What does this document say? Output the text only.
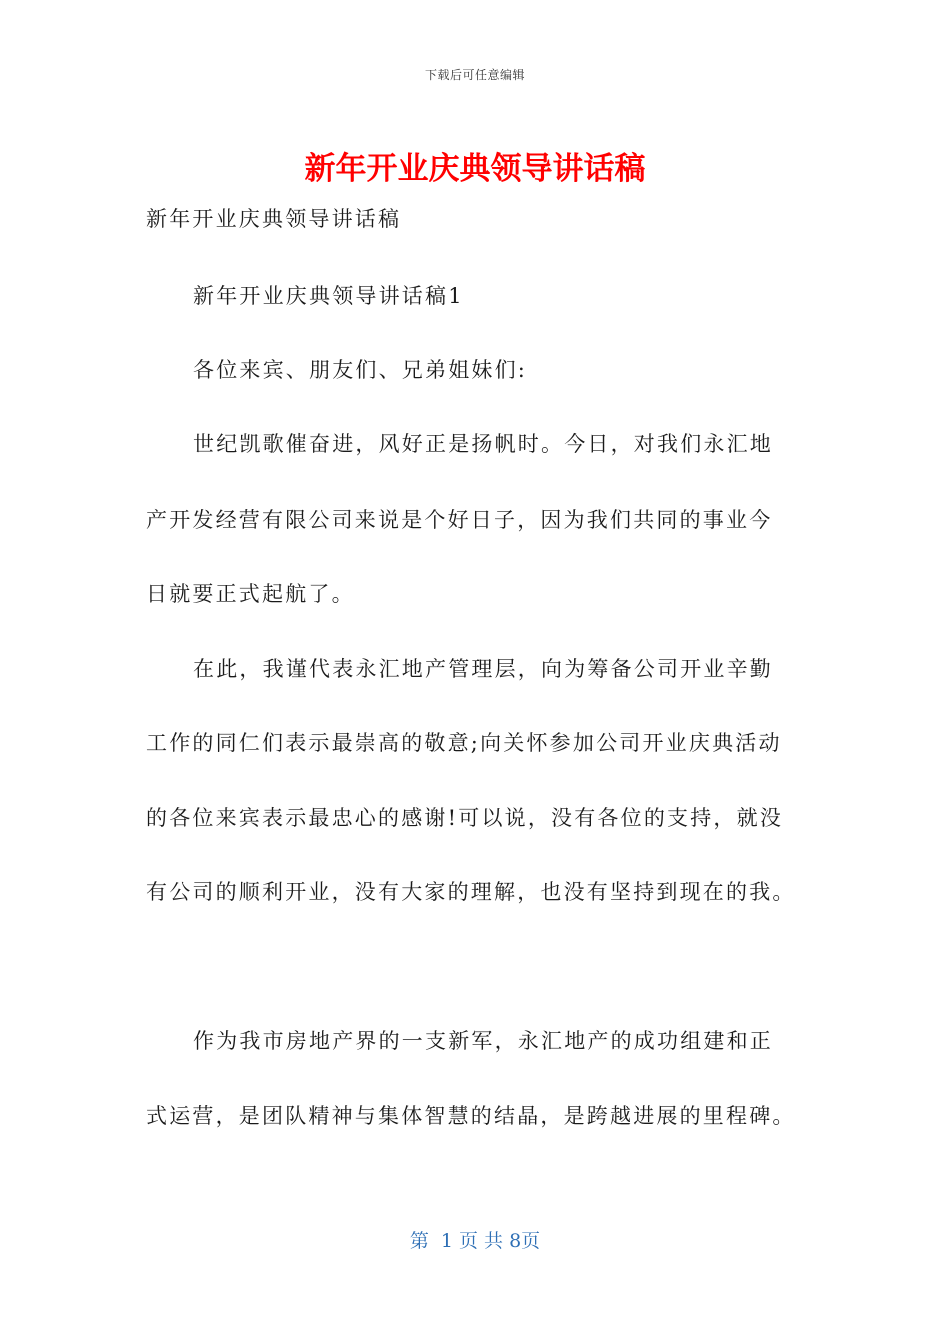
下载后可任意编辑
新年开业庆典领导讲话稿

新年开业庆典领导讲话稿

新年开业庆典领导讲话稿1

各位来宾、朋友们、兄弟姐妹们:

世纪凯歌催奋进，风好正是扬帆时。今日，对我们永汇地

产开发经营有限公司来说是个好日子，因为我们共同的事业今

日就要正式起航了。

在此，我谨代表永汇地产管理层，向为筹备公司开业辛勤

工作的同仁们表示最崇高的敬意;向关怀参加公司开业庆典活动

的各位来宾表示最忠心的感谢!可以说，没有各位的支持，就没

有公司的顺利开业，没有大家的理解，也没有坚持到现在的我。

作为我市房地产界的一支新军，永汇地产的成功组建和正

式运营，是团队精神与集体智慧的结晶，是跨越进展的里程碑。

第  1 页 共 8页
